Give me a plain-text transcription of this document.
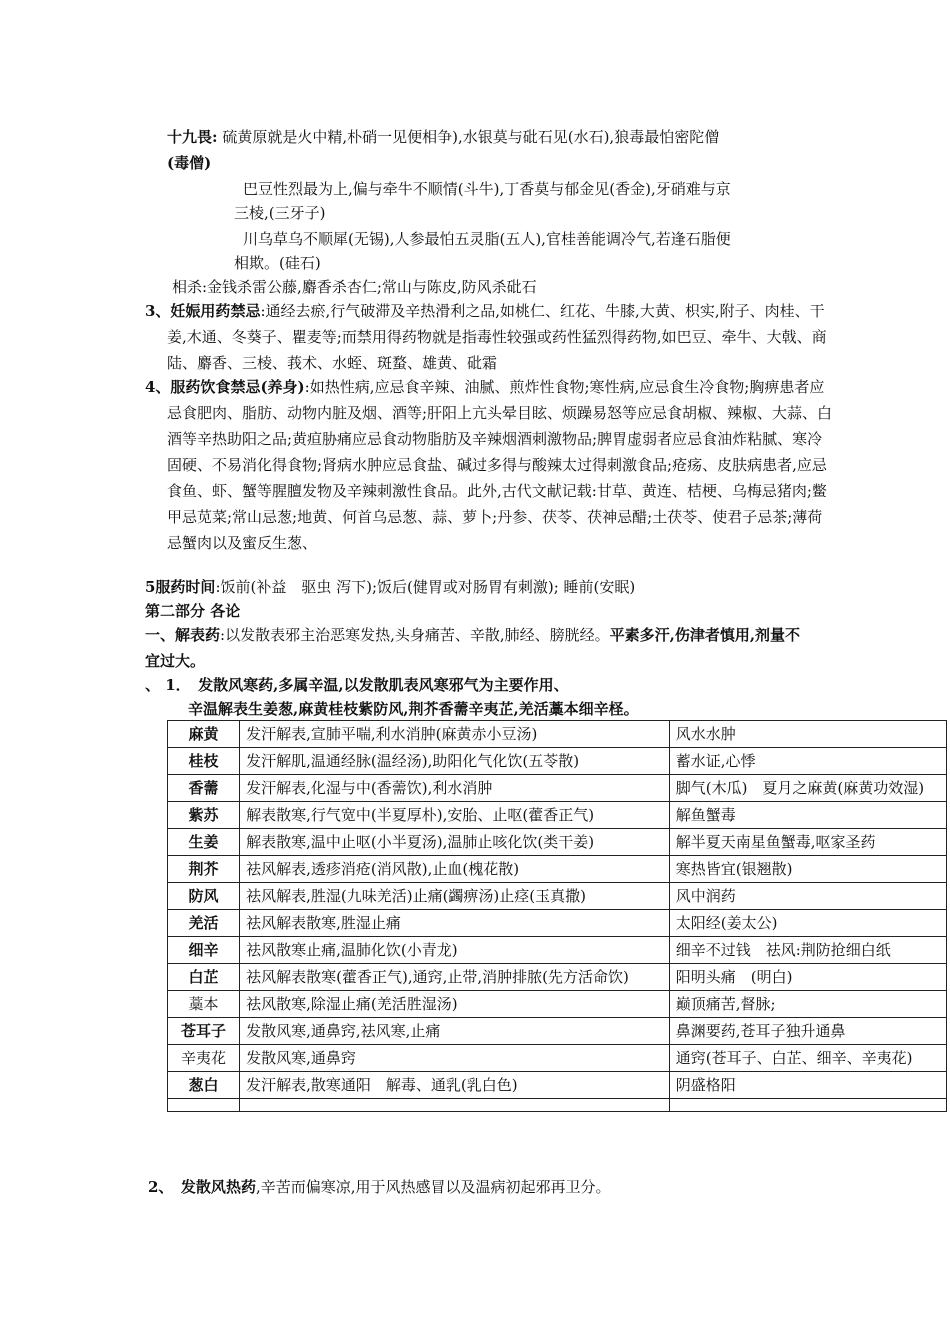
十九畏: 硫黄原就是火中精,朴硝一见便相争),水银莫与砒石见(水石),狼毒最怕密陀僧
(毒僧)
巴豆性烈最为上,偏与牵牛不顺情(斗牛),丁香莫与郁金见(香金),牙硝难与京
三棱,(三牙子)
川乌草乌不顺犀(无锡),人参最怕五灵脂(五人),官桂善能调冷气,若逢石脂便
相欺。(硅石)
相杀:金钱杀雷公藤,麝香杀杏仁;常山与陈皮,防风杀砒石
3、妊娠用药禁忌:通经去瘀,行气破滞及辛热滑利之品,如桃仁、红花、牛膝,大黄、枳实,附子、肉桂、干姜,木通、冬葵子、瞿麦等;而禁用得药物就是指毒性较强或药性猛烈得药物,如巴豆、牵牛、大戟、商陆、麝香、三棱、莪术、水蛭、斑蝥、雄黄、砒霜
4、服药饮食禁忌(养身):如热性病,应忌食辛辣、油腻、煎炸性食物;寒性病,应忌食生冷食物;胸痹患者应忌食肥肉、脂肪、动物内脏及烟、酒等;肝阳上亢头晕目眩、烦躁易怒等应忌食胡椒、辣椒、大蒜、白酒等辛热助阳之品;黄疸胁痛应忌食动物脂肪及辛辣烟酒刺激物品;脾胃虚弱者应忌食油炸粘腻、寒冷固硬、不易消化得食物;肾病水肿应忌食盐、碱过多得与酸辣太过得刺激食品;疮疡、皮肤病患者,应忌食鱼、虾、蟹等腥膻发物及辛辣刺激性食品。此外,古代文献记载:甘草、黄连、桔梗、乌梅忌猪肉;鳖甲忌苋菜;常山忌葱;地黄、何首乌忌葱、蒜、萝卜;丹参、茯苓、茯神忌醋;土茯苓、使君子忌茶;薄荷忌蟹肉以及蜜反生葱、
5服药时间:饭前(补益　驱虫 泻下);饭后(健胃或对肠胃有刺激); 睡前(安眠)
第二部分 各论
一、解表药:以发散表邪主治恶寒发热,头身痛苦、辛散,肺经、膀胱经。平素多汗,伤津者慎用,剂量不宜过大。
、 1．　发散风寒药,多属辛温,以发散肌表风寒邪气为主要作用、
辛温解表生姜葱,麻黄桂枝紫防风,荆芥香薷辛夷芷,羌活藁本细辛柽。
麻黄	发汗解表,宣肺平喘,利水消肿(麻黄赤小豆汤)	风水水肿
桂枝	发汗解肌,温通经脉(温经汤),助阳化气化饮(五苓散)	蓄水证,心悸
香薷	发汗解表,化湿与中(香薷饮),利水消肿	脚气(木瓜)　夏月之麻黄(麻黄功效湿)
紫苏	解表散寒,行气宽中(半夏厚朴),安胎、止呕(藿香正气)	解鱼蟹毒
生姜	解表散寒,温中止呕(小半夏汤),温肺止咳化饮(类干姜)	解半夏天南星鱼蟹毒,呕家圣药
荆芥	祛风解表,透疹消疮(消风散),止血(槐花散)	寒热皆宜(银翘散)
防风	祛风解表,胜湿(九味羌活)止痛(蠲痹汤)止痉(玉真撒)	风中润药
羌活	祛风解表散寒,胜湿止痛	太阳经(姜太公)
细辛	祛风散寒止痛,温肺化饮(小青龙)	细辛不过钱　祛风:荆防抢细白纸
白芷	祛风解表散寒(藿香正气),通窍,止带,消肿排脓(先方活命饮)	阳明头痛　(明白)
藁本	祛风散寒,除湿止痛(羌活胜湿汤)	巅顶痛苦,督脉;
苍耳子	发散风寒,通鼻窍,祛风寒,止痛	鼻渊要药,苍耳子独升通鼻
辛夷花	发散风寒,通鼻窍	通窍(苍耳子、白芷、细辛、辛夷花)
葱白	发汗解表,散寒通阳　解毒、通乳(乳白色)	阴盛格阳

2、　发散风热药,辛苦而偏寒凉,用于风热感冒以及温病初起邪再卫分。
